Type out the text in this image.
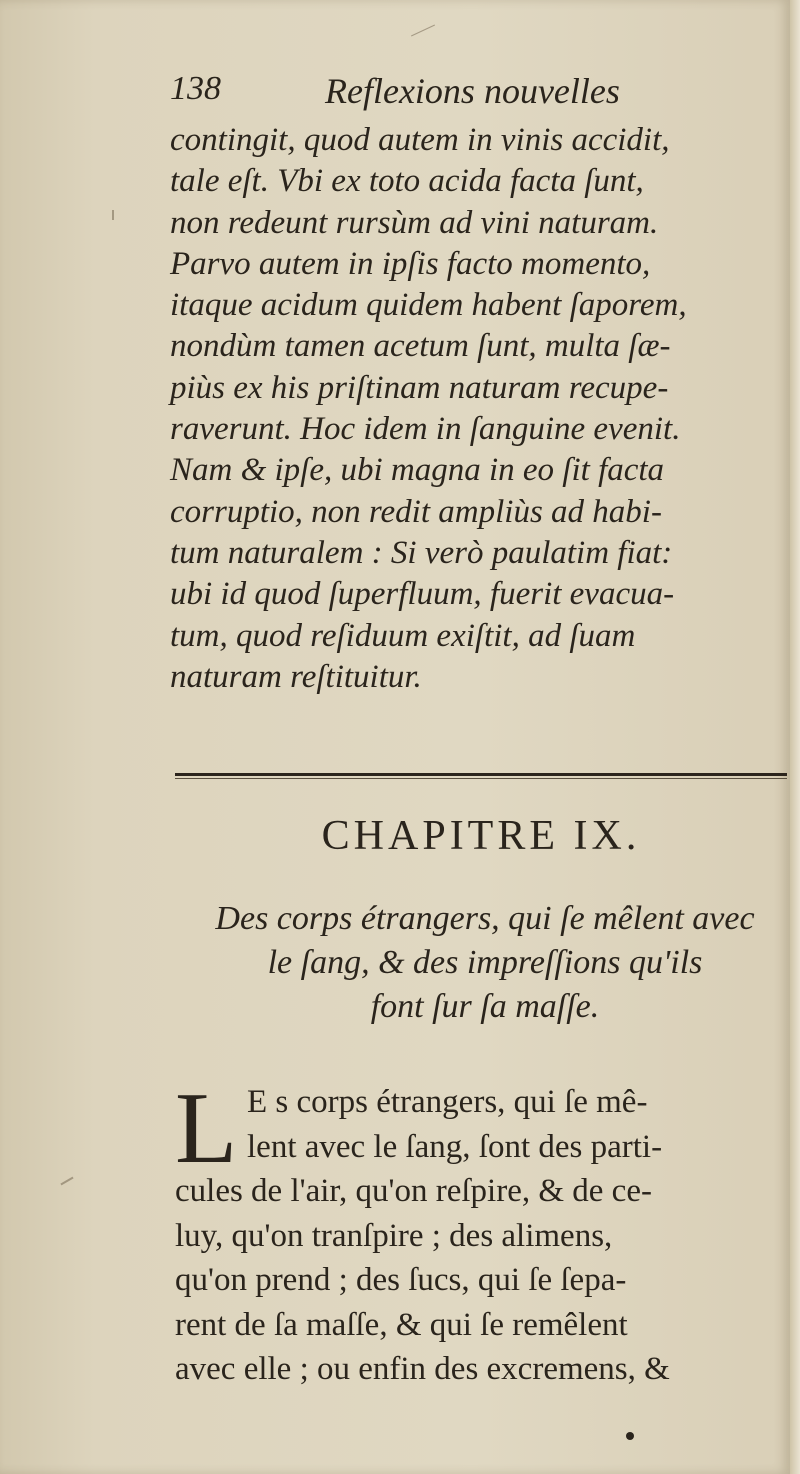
138	Reflexions nouvelles
contingit, quod autem in vinis accidit,
tale eſt. Vbi ex toto acida facta ſunt,
non redeunt rursùm ad vini naturam.
Parvo autem in ipſis facto momento,
itaque acidum quidem habent ſaporem,
nondùm tamen acetum ſunt, multa ſæ-
piùs ex his priſtinam naturam recupe-
raverunt. Hoc idem in ſanguine evenit.
Nam & ipſe, ubi magna in eo ſit facta
corruptio, non redit ampliùs ad habi-
tum naturalem : Si verò paulatim fiat:
ubi id quod ſuperfluum, fuerit evacua-
tum, quod reſiduum exiſtit, ad ſuam
naturam reſtituitur.
CHAPITRE IX.
Des corps étrangers, qui ſe mêlent avec
le ſang, & des impreſſions qu'ils
font ſur ſa maſſe.
L E s corps étrangers, qui ſe mê-
lent avec le ſang, ſont des parti-
cules de l'air, qu'on reſpire, & de ce-
luy, qu'on tranſpire ; des alimens,
qu'on prend ; des ſucs, qui ſe ſepa-
rent de ſa maſſe, & qui ſe remêlent
avec elle ; ou enfin des excremens, &
